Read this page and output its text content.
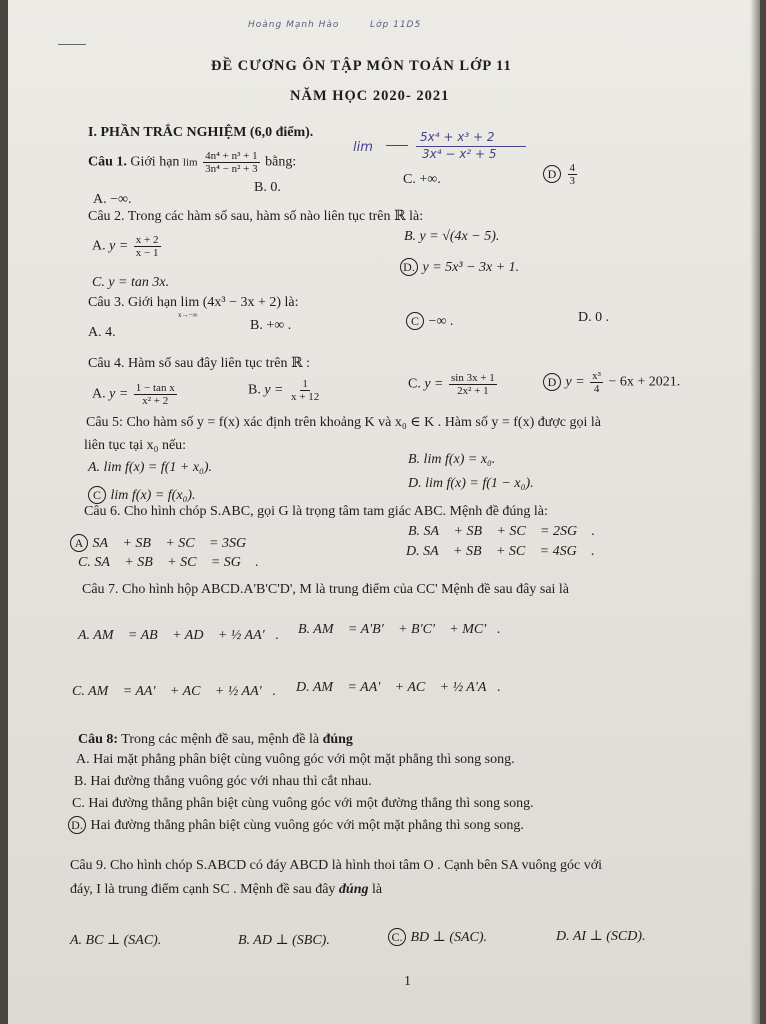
Hoàng Mạnh Hào	Lớp 11D5
ĐỀ CƯƠNG ÔN TẬP MÔN TOÁN LỚP 11
NĂM HỌC 2020- 2021
I. PHẦN TRẮC NGHIỆM (6,0 điểm).
lim
5x⁴ + x³ + 2
3x⁴ − x² + 5
Câu 1. Giới hạn $\lim \frac{\text{4n⁴ + n³ + 1}}{\text{3n⁴ − n² + 3}}$ bằng:
A. −∞.
B. 0.
C. +∞.	D $\frac{4}{3}$
Câu 2. Trong các hàm số sau, hàm số nào liên tục trên ℝ là:
A. $y = \frac{x + 2}{x - 1}$	B. y = √(4x − 5).
C. y = tan 3x.
D. y = 5x³ − 3x + 1.
Câu 3. Giới hạn lim (4x³ − 3x + 2) là:
x→−∞
A. 4.	B. +∞ .	C −∞ .	D. 0 .
Câu 4. Hàm số sau đây liên tục trên ℝ :
A. $y = \frac{\text{1 − tan x}}{\text{x² + 2}}$	B. $y = \frac{1}{x + 12}$	C. $y = \frac{\sin 3x + 1}{\text{2x² + 1}}$	D $y = \frac{\text{x³}}{4} - 6x + 2021$.
Câu 5: Cho hàm số y = f(x) xác định trên khoảng K và x₀ ∈ K . Hàm số y = f(x) được gọi là
liên tục tại x₀ nếu:
A. lim f(x) = f(1 + x₀).
B. lim f(x) = x₀.
C lim f(x) = f(x₀).
D. lim f(x) = f(1 − x₀).
Câu 6. Cho hình chóp S.ABC, gọi G là trọng tâm tam giác ABC. Mệnh đề đúng là:
A SA⃗ + SB⃗ + SC⃗ = 3SG⃗
B. SA⃗ + SB⃗ + SC⃗ = 2SG⃗ .
C. SA⃗ + SB⃗ + SC⃗ = SG⃗ .
D. SA⃗ + SB⃗ + SC⃗ = 4SG⃗ .
Câu 7. Cho hình hộp ABCD.A'B'C'D', M là trung điểm của CC' Mệnh đề sau đây sai là
A. AM⃗ = AB⃗ + AD⃗ + ½ AA'⃗. B. AM⃗ = A'B'⃗ + B'C'⃗ + MC'⃗.
C. AM⃗ = AA'⃗ + AC⃗ + ½ AA'⃗. D. AM⃗ = AA'⃗ + AC⃗ + ½ A'A⃗.
Câu 8: Trong các mệnh đề sau, mệnh đề là đúng
A. Hai mặt phẳng phân biệt cùng vuông góc với một mặt phẳng thì song song.
B. Hai đường thẳng vuông góc với nhau thì cắt nhau.
C. Hai đường thẳng phân biệt cùng vuông góc với một đường thẳng thì song song.
D. Hai đường thẳng phân biệt cùng vuông góc với một mặt phẳng thì song song.
Câu 9. Cho hình chóp S.ABCD có đáy ABCD là hình thoi tâm O . Cạnh bên SA vuông góc với
đáy, I là trung điểm cạnh SC . Mệnh đề sau đây đúng là
A. BC ⊥ (SAC).	B. AD ⊥ (SBC).	C. BD ⊥ (SAC).	D. AI ⊥ (SCD).
1
